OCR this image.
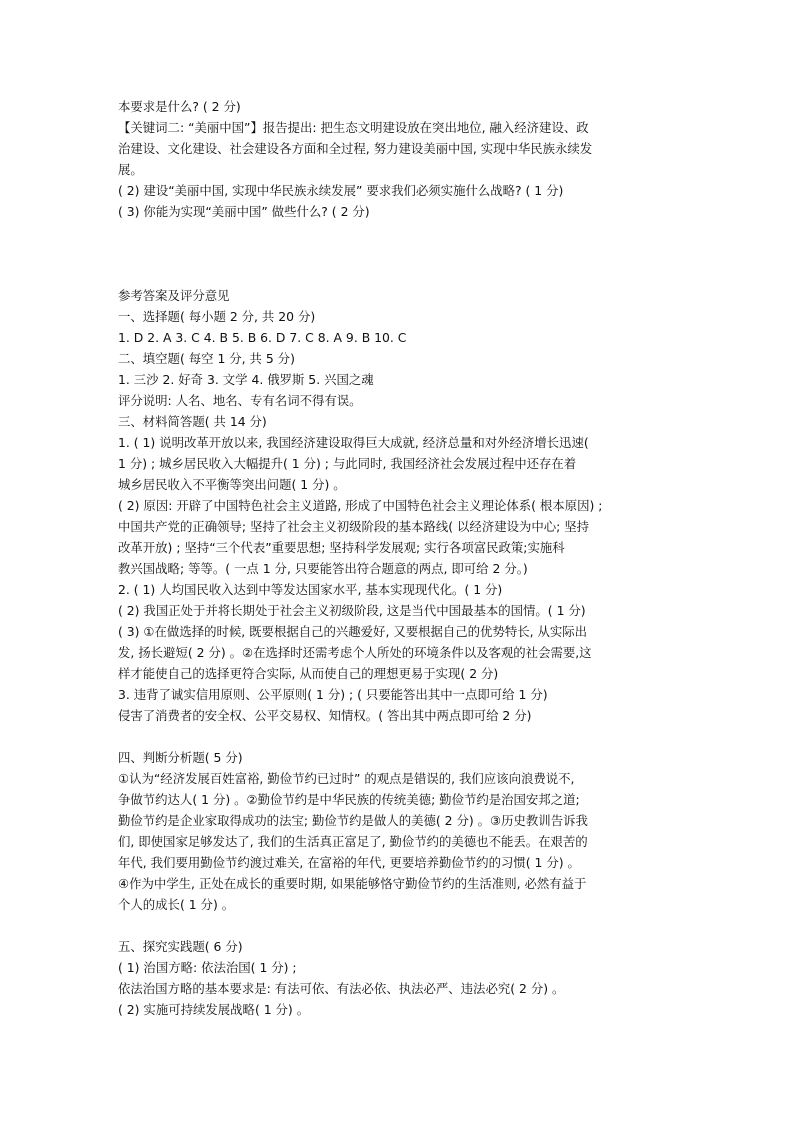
本要求是什么? ( 2 分)
【关键词二: “美丽中国”】报告提出: 把生态文明建设放在突出地位, 融入经济建设、政
治建设、文化建设、社会建设各方面和全过程, 努力建设美丽中国, 实现中华民族永续发
展。
( 2) 建设“美丽中国, 实现中华民族永续发展” 要求我们必须实施什么战略? ( 1 分)
( 3) 你能为实现“美丽中国” 做些什么? ( 2 分)
参考答案及评分意见
一、选择题( 每小题 2 分, 共 20 分)
1. D 2. A 3. C 4. B 5. B 6. D 7. C 8. A 9. B 10. C
二、填空题( 每空 1 分, 共 5 分)
1. 三沙 2. 好奇 3. 文学 4. 俄罗斯 5. 兴国之魂
评分说明: 人名、地名、专有名词不得有误。
三、材料简答题( 共 14 分)
1. ( 1) 说明改革开放以来, 我国经济建设取得巨大成就, 经济总量和对外经济增长迅速(
1 分) ; 城乡居民收入大幅提升( 1 分) ; 与此同时, 我国经济社会发展过程中还存在着
城乡居民收入不平衡等突出问题( 1 分) 。
( 2) 原因: 开辟了中国特色社会主义道路, 形成了中国特色社会主义理论体系( 根本原因) ;
中国共产党的正确领导; 坚持了社会主义初级阶段的基本路线( 以经济建设为中心; 坚持
改革开放) ; 坚持“三个代表”重要思想; 坚持科学发展观; 实行各项富民政策;实施科
教兴国战略; 等等。( 一点 1 分, 只要能答出符合题意的两点, 即可给 2 分。)
2. ( 1) 人均国民收入达到中等发达国家水平, 基本实现现代化。( 1 分)
( 2) 我国正处于并将长期处于社会主义初级阶段, 这是当代中国最基本的国情。( 1 分)
( 3) ①在做选择的时候, 既要根据自己的兴趣爱好, 又要根据自己的优势特长, 从实际出
发, 扬长避短( 2 分) 。②在选择时还需考虑个人所处的环境条件以及客观的社会需要,这
样才能使自己的选择更符合实际, 从而使自己的理想更易于实现( 2 分)
3. 违背了诚实信用原则、公平原则( 1 分) ; ( 只要能答出其中一点即可给 1 分)
侵害了消费者的安全权、公平交易权、知情权。( 答出其中两点即可给 2 分)
四、判断分析题( 5 分)
①认为“经济发展百姓富裕, 勤俭节约已过时” 的观点是错误的, 我们应该向浪费说不,
争做节约达人( 1 分) 。②勤俭节约是中华民族的传统美德; 勤俭节约是治国安邦之道;
勤俭节约是企业家取得成功的法宝; 勤俭节约是做人的美德( 2 分) 。③历史教训告诉我
们, 即使国家足够发达了, 我们的生活真正富足了, 勤俭节约的美德也不能丢。在艰苦的
年代, 我们要用勤俭节约渡过难关, 在富裕的年代, 更要培养勤俭节约的习惯( 1 分) 。
④作为中学生, 正处在成长的重要时期, 如果能够恪守勤俭节约的生活准则, 必然有益于
个人的成长( 1 分) 。
五、探究实践题( 6 分)
( 1) 治国方略: 依法治国( 1 分) ;
依法治国方略的基本要求是: 有法可依、有法必依、执法必严、违法必究( 2 分) 。
( 2) 实施可持续发展战略( 1 分) 。
